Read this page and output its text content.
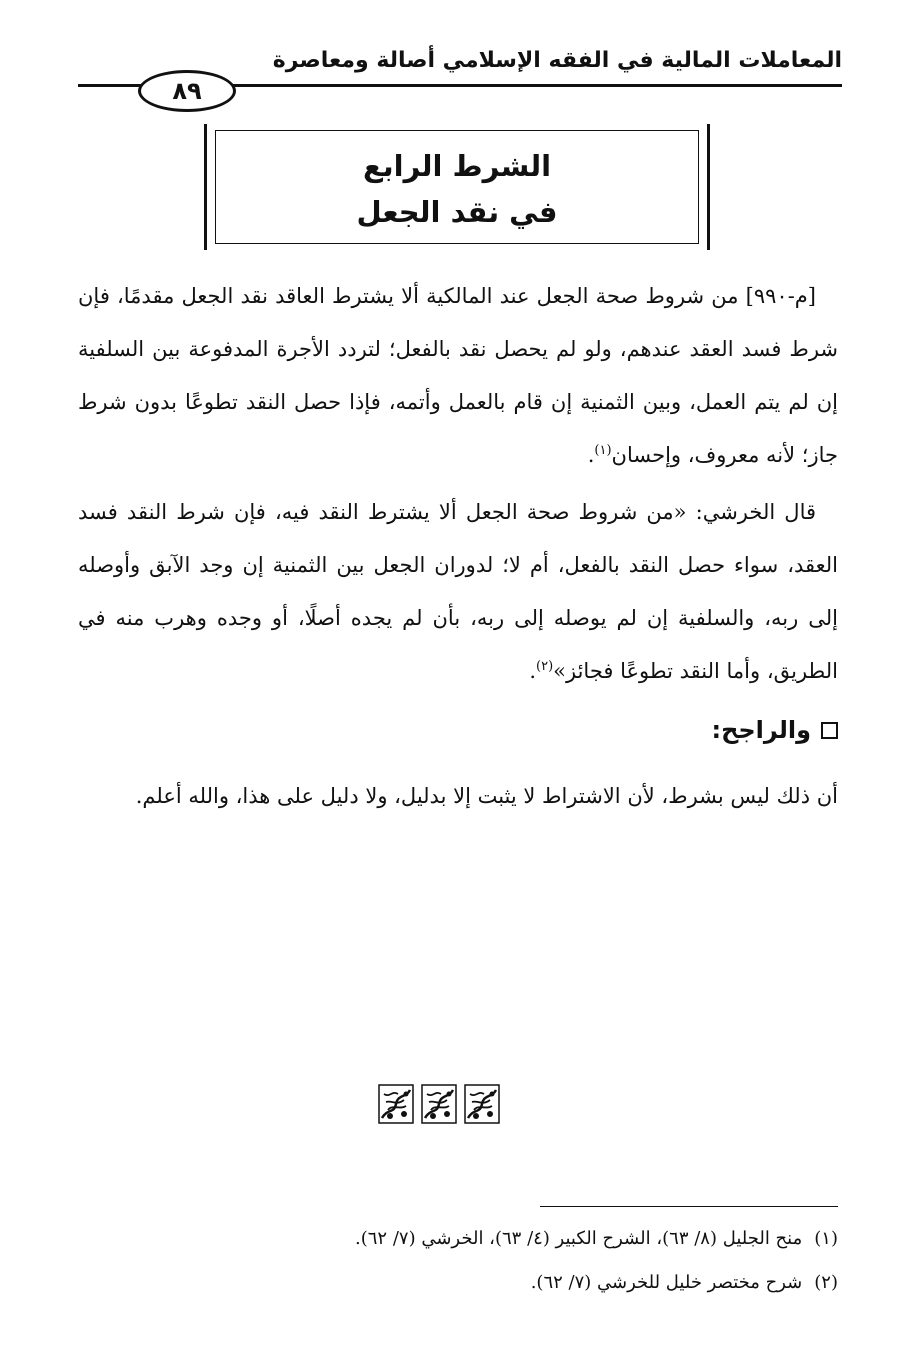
المعاملات المالية في الفقه الإسلامي أصالة ومعاصرة
٨٩
الشرط الرابع
في نقد الجعل
[م-٩٩٠] من شروط صحة الجعل عند المالكية ألا يشترط العاقد نقد الجعل مقدمًا، فإن شرط فسد العقد عندهم، ولو لم يحصل نقد بالفعل؛ لتردد الأجرة المدفوعة بين السلفية إن لم يتم العمل، وبين الثمنية إن قام بالعمل وأتمه، فإذا حصل النقد تطوعًا بدون شرط جاز؛ لأنه معروف، وإحسان$^{(١)}$.
قال الخرشي: «من شروط صحة الجعل ألا يشترط النقد فيه، فإن شرط النقد فسد العقد، سواء حصل النقد بالفعل، أم لا؛ لدوران الجعل بين الثمنية إن وجد الآبق وأوصله إلى ربه، والسلفية إن لم يوصله إلى ربه، بأن لم يجده أصلًا، أو وجده وهرب منه في الطريق، وأما النقد تطوعًا فجائز»$^{(٢)}$.
والراجح:
أن ذلك ليس بشرط، لأن الاشتراط لا يثبت إلا بدليل، ولا دليل على هذا، والله أعلم.
(١)منح الجليل (٨/ ٦٣)، الشرح الكبير (٤/ ٦٣)، الخرشي (٧/ ٦٢).
(٢)شرح مختصر خليل للخرشي (٧/ ٦٢).
